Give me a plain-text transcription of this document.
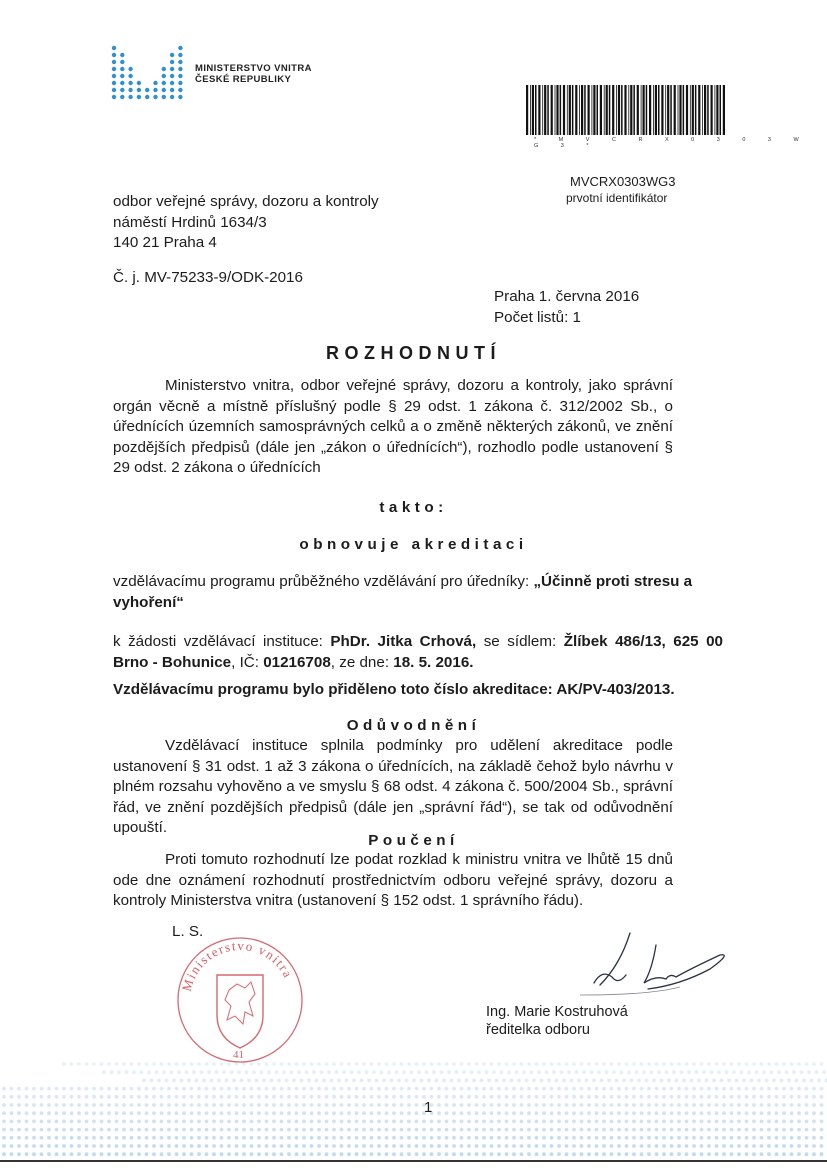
MINISTERSTVO VNITRA
ČESKÉ REPUBLIKY
* M V C R X 0 3 0 3 W G 3 *
MVCRX0303WG3
prvotní identifikátor
odbor veřejné správy, dozoru a kontroly
náměstí Hrdinů 1634/3
140 21 Praha 4
Č. j. MV-75233-9/ODK-2016
Praha 1. června 2016
Počet listů: 1
ROZHODNUTÍ
Ministerstvo vnitra, odbor veřejné správy, dozoru a kontroly, jako správní orgán věcně a místně příslušný podle § 29 odst. 1 zákona č. 312/2002 Sb., o úřednících územních samosprávných celků a o změně některých zákonů, ve znění pozdějších předpisů (dále jen „zákon o úřednících“), rozhodlo podle ustanovení § 29 odst. 2 zákona o úřednících
takto:
obnovuje akreditaci
vzdělávacímu programu průběžného vzdělávání pro úředníky: „Účinně proti stresu a vyhoření“
k žádosti vzdělávací instituce: PhDr. Jitka Crhová, se sídlem: Žlíbek 486/13, 625 00 Brno - Bohunice, IČ: 01216708, ze dne: 18. 5. 2016.
Vzdělávacímu programu bylo přiděleno toto číslo akreditace: AK/PV-403/2013.
Odůvodnění
Vzdělávací instituce splnila podmínky pro udělení akreditace podle ustanovení § 31 odst. 1 až 3 zákona o úřednících, na základě čehož bylo návrhu v plném rozsahu vyhověno a ve smyslu § 68 odst. 4 zákona č. 500/2004 Sb., správní řád, ve znění pozdějších předpisů (dále jen „správní řád“), se tak od odůvodnění upouští.
Poučení
Proti tomuto rozhodnutí lze podat rozklad k ministru vnitra ve lhůtě 15 dnů ode dne oznámení rozhodnutí prostřednictvím odboru veřejné správy, dozoru a kontroly Ministerstva vnitra (ustanovení § 152 odst. 1 správního řádu).
L. S.
Ministerstvo vnitra
41
Ing. Marie Kostruhová
ředitelka odboru
1
